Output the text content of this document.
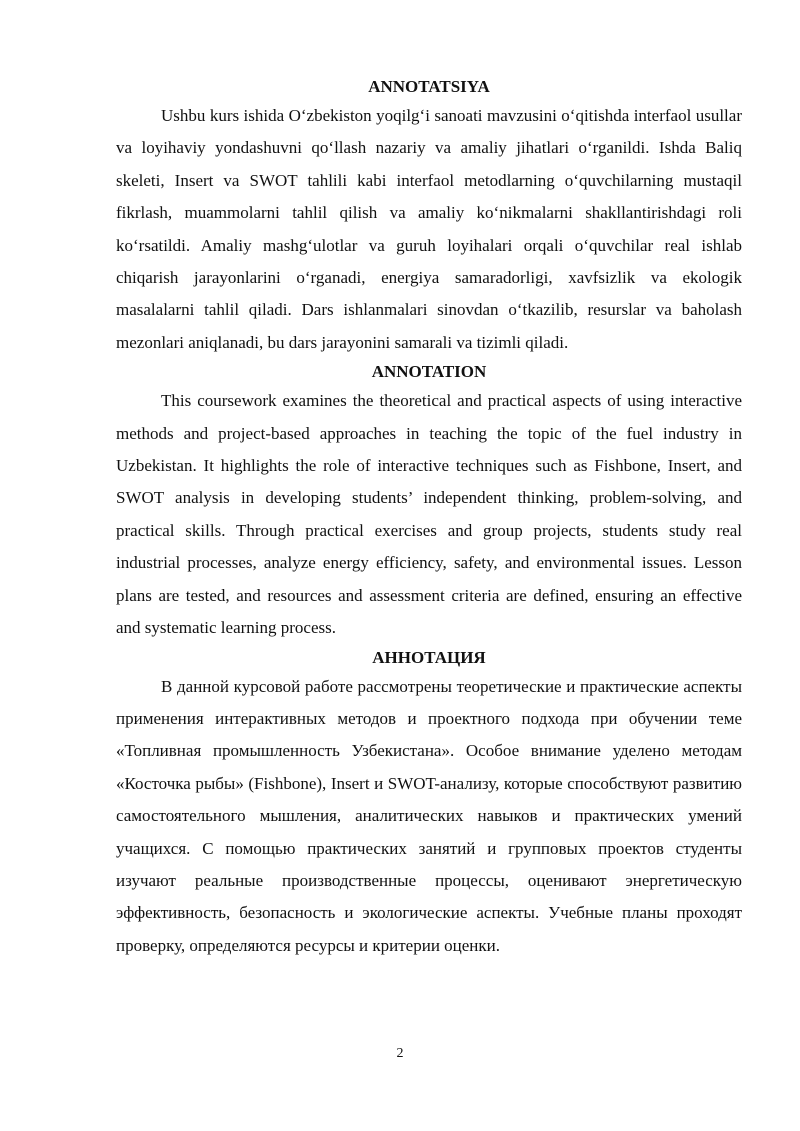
ANNOTATSIYA

Ushbu kurs ishida O‘zbekiston yoqilg‘i sanoati mavzusini o‘qitishda interfaol usullar va loyihaviy yondashuvni qo‘llash nazariy va amaliy jihatlari o‘rganildi. Ishda Baliq skeleti, Insert va SWOT tahlili kabi interfaol metodlarning o‘quvchilarning mustaqil fikrlash, muammolarni tahlil qilish va amaliy ko‘nikmalarni shakllantirishdagi roli ko‘rsatildi. Amaliy mashg‘ulotlar va guruh loyihalari orqali o‘quvchilar real ishlab chiqarish jarayonlarini o‘rganadi, energiya samaradorligi, xavfsizlik va ekologik masalalarni tahlil qiladi. Dars ishlanmalari sinovdan o‘tkazilib, resurslar va baholash mezonlari aniqlanadi, bu dars jarayonini samarali va tizimli qiladi.

ANNOTATION

This coursework examines the theoretical and practical aspects of using interactive methods and project-based approaches in teaching the topic of the fuel industry in Uzbekistan. It highlights the role of interactive techniques such as Fishbone, Insert, and SWOT analysis in developing students’ independent thinking, problem-solving, and practical skills. Through practical exercises and group projects, students study real industrial processes, analyze energy efficiency, safety, and environmental issues. Lesson plans are tested, and resources and assessment criteria are defined, ensuring an effective and systematic learning process.

АННОТАЦИЯ

В данной курсовой работе рассмотрены теоретические и практические аспекты применения интерактивных методов и проектного подхода при обучении теме «Топливная промышленность Узбекистана». Особое внимание уделено методам «Косточка рыбы» (Fishbone), Insert и SWOT-анализу, которые способствуют развитию самостоятельного мышления, аналитических навыков и практических умений учащихся. С помощью практических занятий и групповых проектов студенты изучают реальные производственные процессы, оценивают энергетическую эффективность, безопасность и экологические аспекты. Учебные планы проходят проверку, определяются ресурсы и критерии оценки.

2
